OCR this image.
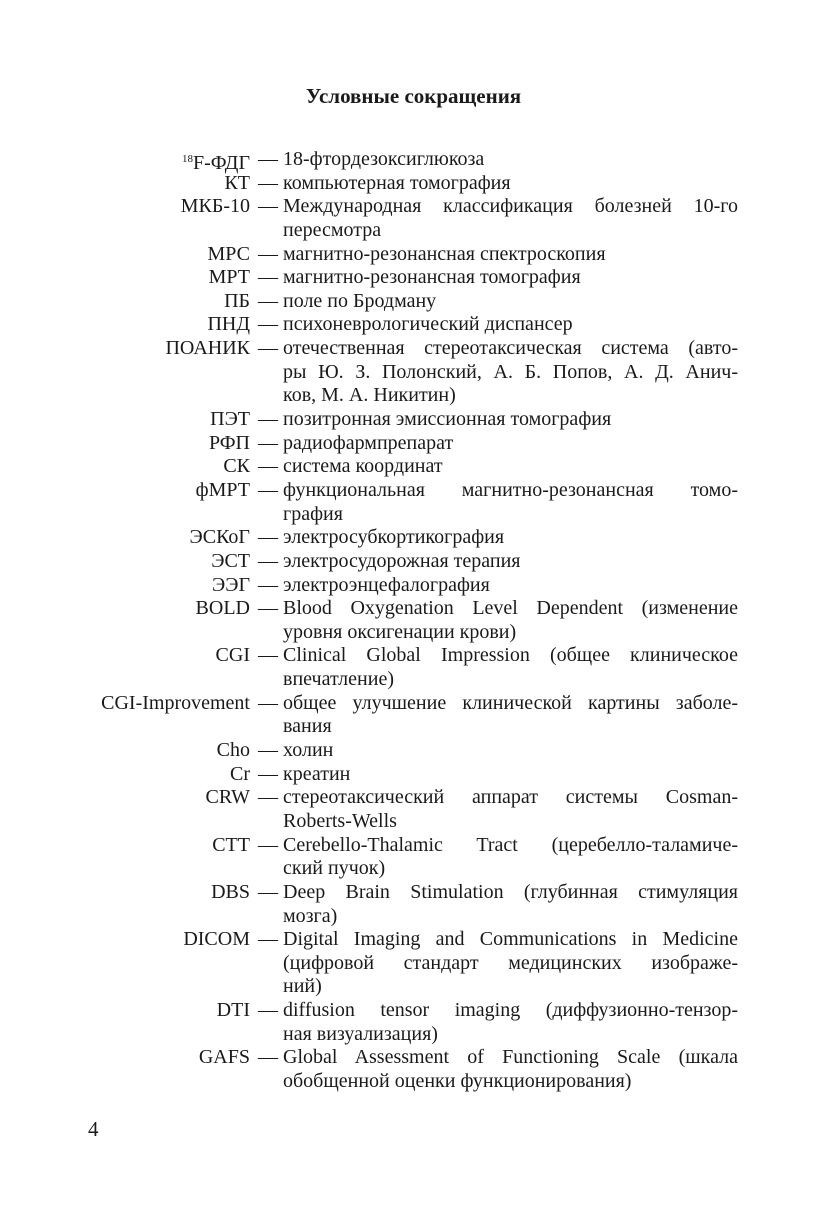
Условные сокращения
$^{18}$F-ФДГ — 18-фтордезоксиглюкоза
КТ — компьютерная томография
МКБ-10 — Международная классификация болезней 10-го
пересмотра
МРС — магнитно-резонансная спектроскопия
МРТ — магнитно-резонансная томография
ПБ — поле по Бродману
ПНД — психоневрологический диспансер
ПОАНИК — отечественная стереотаксическая система (авто-
ры Ю. З. Полонский, А. Б. Попов, А. Д. Анич-
ков, М. А. Никитин)
ПЭТ — позитронная эмиссионная томография
РФП — радиофармпрепарат
СК — система координат
фМРТ — функциональная магнитно-резонансная томо-
графия
ЭСКоГ — электросубкортикография
ЭСТ — электросудорожная терапия
ЭЭГ — электроэнцефалография
BOLD — Blood Oxygenation Level Dependent (изменение
уровня оксигенации крови)
CGI — Clinical Global Impression (общее клиническое
впечатление)
CGI-Improvement — общее улучшение клинической картины заболе-
вания
Cho — холин
Cr — креатин
CRW — стереотаксический аппарат системы Cosman-
Roberts-Wells
CTT — Cerebello-Thalamic Tract (церебелло-таламиче-
ский пучок)
DBS — Deep Brain Stimulation (глубинная стимуляция
мозга)
DICOM — Digital Imaging and Communications in Medicine
(цифровой стандарт медицинских изображе-
ний)
DTI — diffusion tensor imaging (диффузионно-тензор-
ная визуализация)
GAFS — Global Assessment of Functioning Scale (шкала
обобщенной оценки функционирования)
4
